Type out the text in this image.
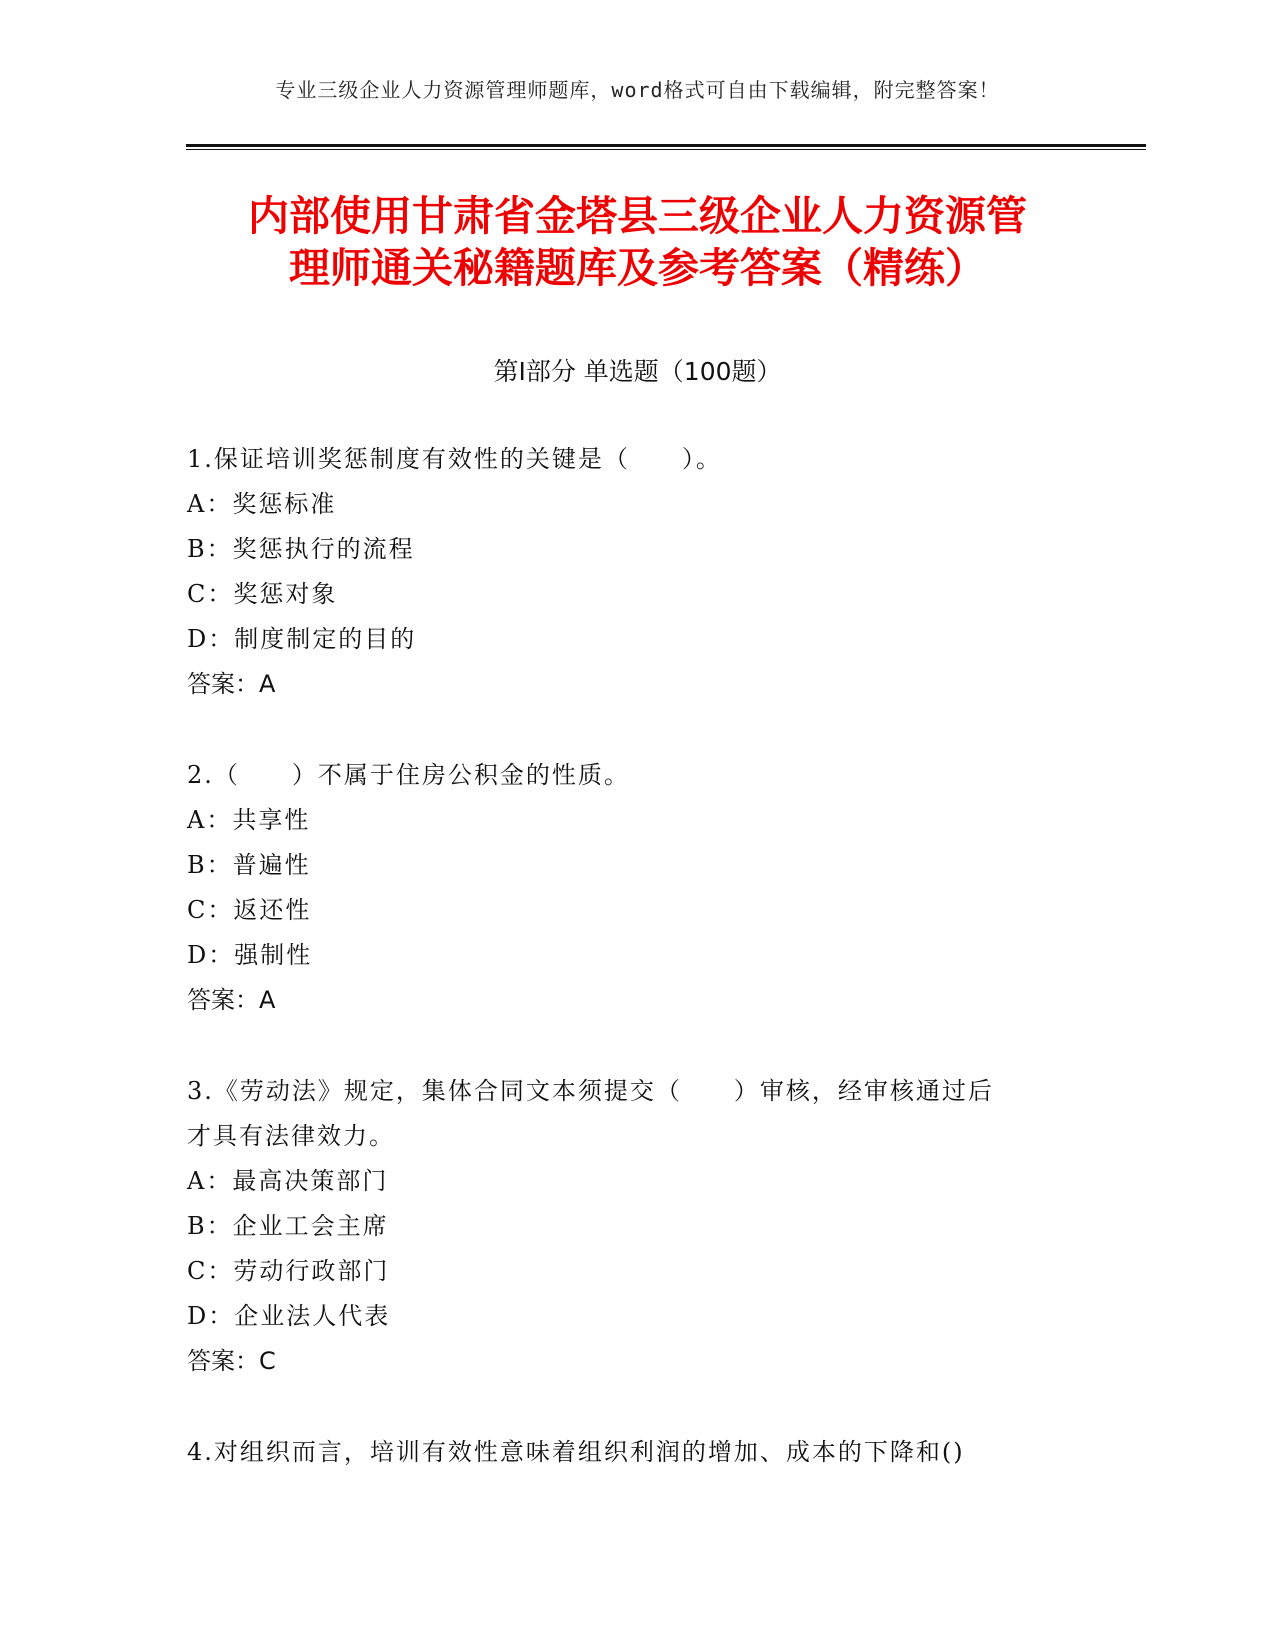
专业三级企业人力资源管理师题库，word格式可自由下载编辑，附完整答案！
内部使用甘肃省金塔县三级企业人力资源管
理师通关秘籍题库及参考答案（精练）
第Ⅰ部分 单选题（100题）

1.保证培训奖惩制度有效性的关键是（　　）。

A：奖惩标准

B：奖惩执行的流程

C：奖惩对象

D：制度制定的目的

答案：A

2.（　　）不属于住房公积金的性质。

A：共享性

B：普遍性

C：返还性

D：强制性

答案：A

3.《劳动法》规定，集体合同文本须提交（　　）审核，经审核通过后

才具有法律效力。

A：最高决策部门

B：企业工会主席

C：劳动行政部门

D：企业法人代表

答案：C

4.对组织而言，培训有效性意味着组织利润的增加、成本的下降和()
